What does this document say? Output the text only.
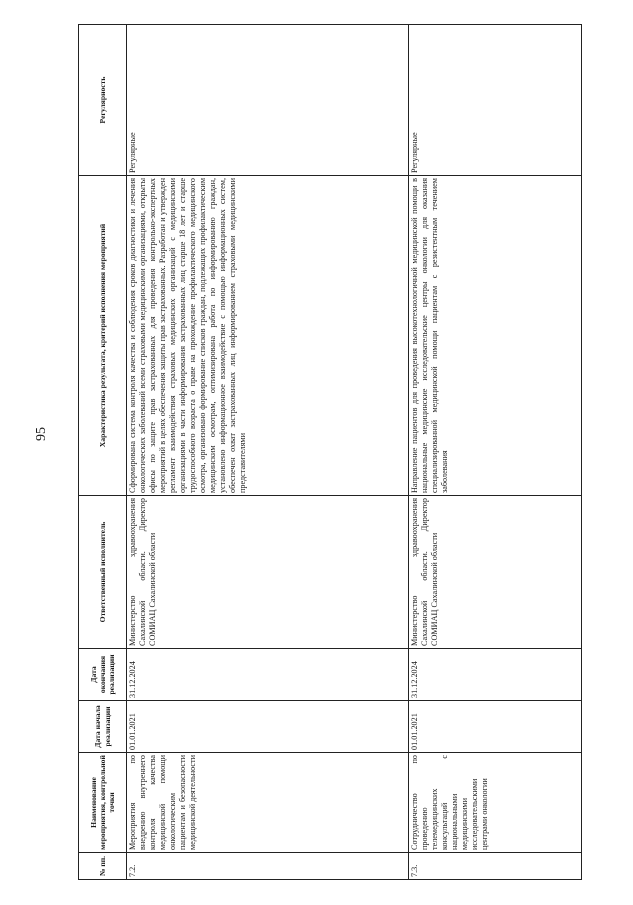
95
№ пп.	Наименование мероприятия, контрольной точки	Дата начала реализации	Дата окончания реализации	Ответственный исполнитель	Характеристика результата, критерий исполнения мероприятий	Регулярность
7.2.	Мероприятия по внедрению внутреннего контроля качества медицинской помощи онкологическим пациентам и безопасности медицинской деятельности	01.01.2021	31.12.2024	Министерство здравоохранения Сахалинской области. Директор СОМИАЦ Сахалинской области	Сформирована система контроля качества и соблюдения сроков диагностики и лечения онкологических заболеваний всеми страховыми медицинскими организациями, открыты офисы по защите прав застрахованных для проведения контрольно-экспертных мероприятий в целях обеспечения защиты прав застрахованных. Разработан и утвержден регламент взаимодействия страховых медицинских организаций с медицинскими организациями в части информирования застрахованных лиц старше 18 лет и старше трудоспособного возраста о праве на прохождение профилактического медицинского осмотра, организовано формирование списков граждан, подлежащих профилактическим медицинским осмотрам, оптимизирована работа по информированию граждан, установлено информационное взаимодействие с помощью информационных систем, обеспечен охват застрахованных лиц информированием страховыми медицинскими представителями	Регулярные
7.3.	Сотрудничество по проведению телемедицинских консультаций с национальными медицинскими исследовательскими центрами онкологии	01.01.2021	31.12.2024	Министерство здравоохранения Сахалинской области. Директор СОМИАЦ Сахалинской области	Направление пациентов для проведения высокотехнологичной медицинской помощи в национальные медицинские исследовательские центры онкологии для оказания специализированной медицинской помощи пациентам с резистентным течением заболевания	Регулярные
